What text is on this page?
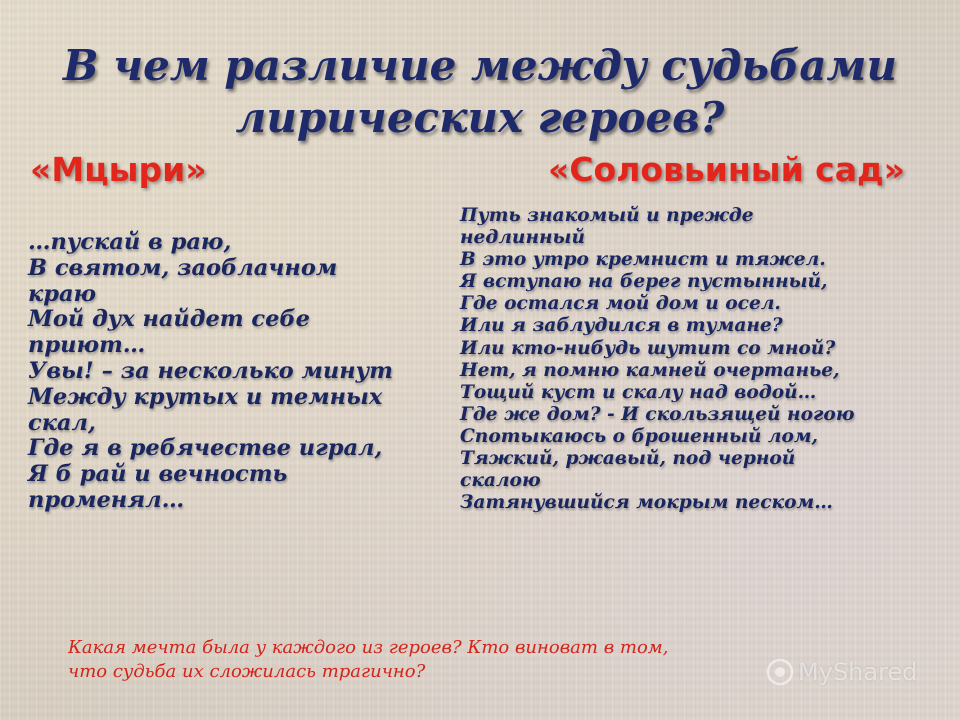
В чем различие между судьбами
лирических героев?
«Мцыри»	«Соловьиный сад»
…пускай в раю,
В святом, заоблачном
краю
Мой дух найдет себе
приют…
Увы! – за несколько минут
Между крутых и темных
скал,
Где я в ребячестве играл,
Я б рай и вечность
променял…
Путь знакомый и прежде
недлинный
В это утро кремнист и тяжел.
Я вступаю на берег пустынный,
Где остался мой дом и осел.
Или я заблудился в тумане?
Или кто-нибудь шутит со мной?
Нет, я помню камней очертанье,
Тощий куст и скалу над водой…
Где же дом? - И скользящей ногою
Спотыкаюсь о брошенный лом,
Тяжкий, ржавый, под черной
скалою
Затянувшийся мокрым песком…

Какая мечта была у каждого из героев? Кто виноват в том,
что судьба их сложилась трагично?	MyShared
